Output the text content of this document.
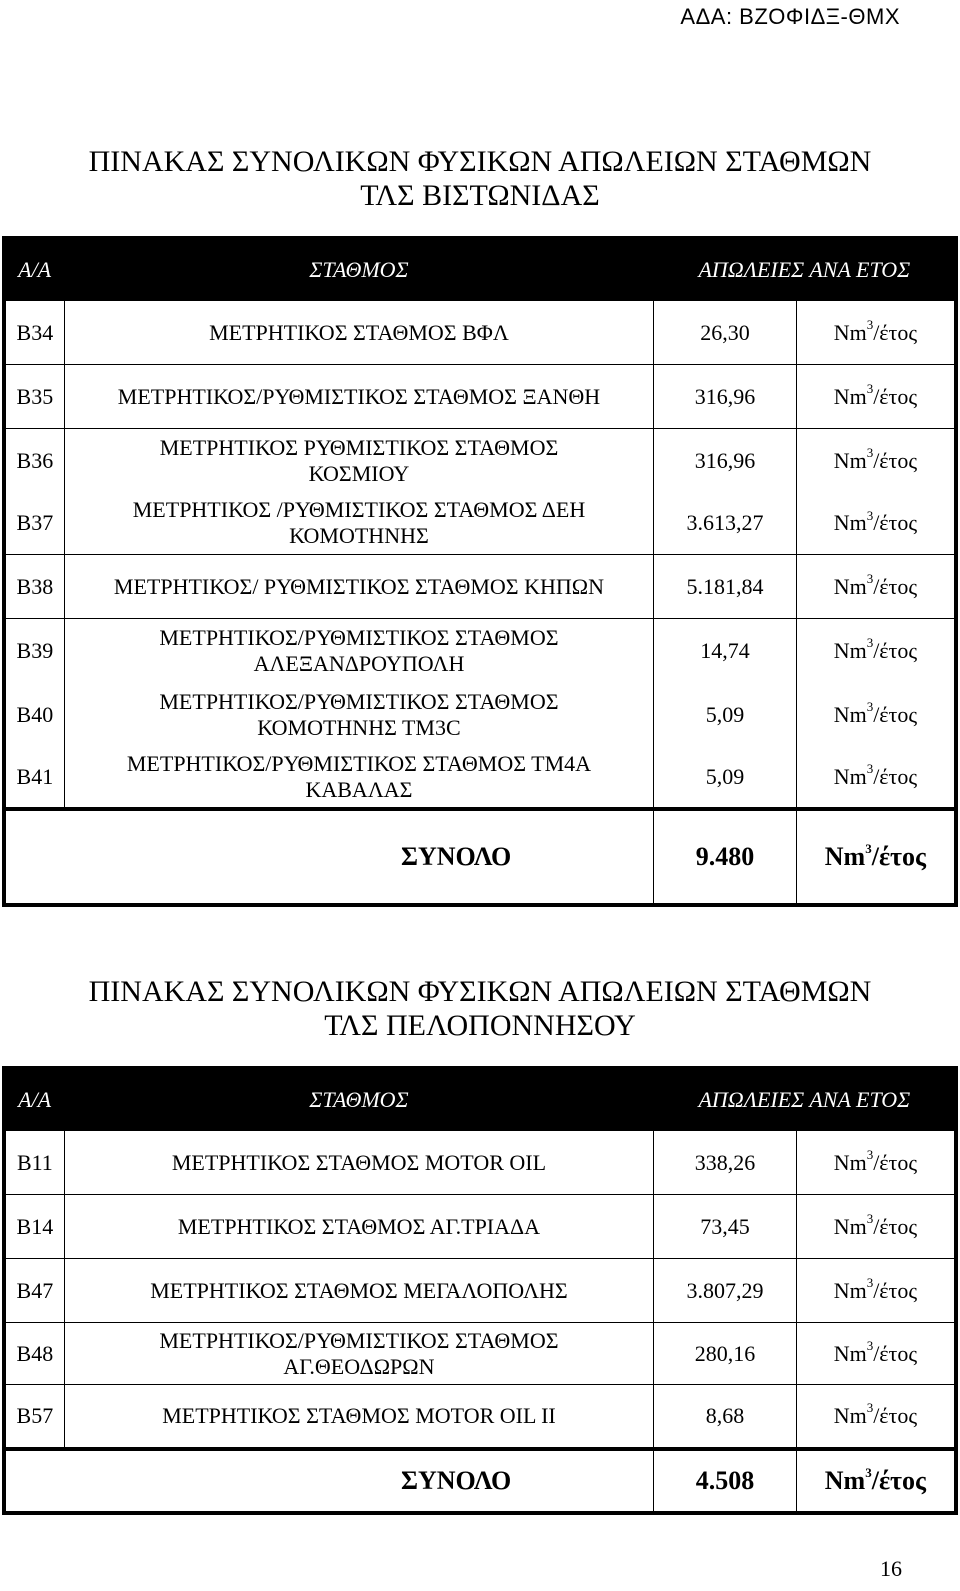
ΑΔΑ: ΒΖΟΦΙΔΞ-ΘΜΧ
ΠΙΝΑΚΑΣ ΣΥΝΟΛΙΚΩΝ ΦΥΣΙΚΩΝ ΑΠΩΛΕΙΩΝ ΣΤΑΘΜΩΝ
ΤΛΣ ΒΙΣΤΩΝΙΔΑΣ
Α/Α	ΣΤΑΘΜΟΣ	ΑΠΩΛΕΙΕΣ ΑΝΑ ΕΤΟΣ	
Β34	ΜΕΤΡΗΤΙΚΟΣ ΣΤΑΘΜΟΣ ΒΦΛ	26,30	Nm$^3$/έτος
Β35	ΜΕΤΡΗΤΙΚΟΣ/ΡΥΘΜΙΣΤΙΚΟΣ ΣΤΑΘΜΟΣ ΞΑΝΘΗ	316,96	Nm$^3$/έτος
Β36	ΜΕΤΡΗΤΙΚΟΣ ΡΥΘΜΙΣΤΙΚΟΣ ΣΤΑΘΜΟΣ
ΚΟΣΜΙΟΥ	316,96	Nm$^3$/έτος
Β37	ΜΕΤΡΗΤΙΚΟΣ /ΡΥΘΜΙΣΤΙΚΟΣ ΣΤΑΘΜΟΣ ΔΕΗ
ΚΟΜΟΤΗΝΗΣ	3.613,27	Nm$^3$/έτος
Β38	ΜΕΤΡΗΤΙΚΟΣ/ ΡΥΘΜΙΣΤΙΚΟΣ ΣΤΑΘΜΟΣ ΚΗΠΩΝ	5.181,84	Nm$^3$/έτος
Β39	ΜΕΤΡΗΤΙΚΟΣ/ΡΥΘΜΙΣΤΙΚΟΣ ΣΤΑΘΜΟΣ
ΑΛΕΞΑΝΔΡΟΥΠΟΛΗ	14,74	Nm$^3$/έτος
Β40	ΜΕΤΡΗΤΙΚΟΣ/ΡΥΘΜΙΣΤΙΚΟΣ ΣΤΑΘΜΟΣ
ΚΟΜΟΤΗΝΗΣ ΤΜ3C	5,09	Nm$^3$/έτος
Β41	ΜΕΤΡΗΤΙΚΟΣ/ΡΥΘΜΙΣΤΙΚΟΣ ΣΤΑΘΜΟΣ ΤΜ4Α
ΚΑΒΑΛΑΣ	5,09	Nm$^3$/έτος
ΣΥΝΟΛΟ		9.480	Nm$^3$/έτος
ΠΙΝΑΚΑΣ ΣΥΝΟΛΙΚΩΝ ΦΥΣΙΚΩΝ ΑΠΩΛΕΙΩΝ ΣΤΑΘΜΩΝ
ΤΛΣ ΠΕΛΟΠΟΝΝΗΣΟΥ
Α/Α	ΣΤΑΘΜΟΣ	ΑΠΩΛΕΙΕΣ ΑΝΑ ΕΤΟΣ	
Β11	ΜΕΤΡΗΤΙΚΟΣ ΣΤΑΘΜΟΣ MOTOR OIL	338,26	Nm$^3$/έτος
Β14	ΜΕΤΡΗΤΙΚΟΣ ΣΤΑΘΜΟΣ ΑΓ.ΤΡΙΑΔΑ	73,45	Nm$^3$/έτος
Β47	ΜΕΤΡΗΤΙΚΟΣ ΣΤΑΘΜΟΣ ΜΕΓΑΛΟΠΟΛΗΣ	3.807,29	Nm$^3$/έτος
Β48	ΜΕΤΡΗΤΙΚΟΣ/ΡΥΘΜΙΣΤΙΚΟΣ ΣΤΑΘΜΟΣ
ΑΓ.ΘΕΟΔΩΡΩΝ	280,16	Nm$^3$/έτος
Β57	ΜΕΤΡΗΤΙΚΟΣ ΣΤΑΘΜΟΣ MOTOR OIL II	8,68	Nm$^3$/έτος
ΣΥΝΟΛΟ		4.508	Nm$^3$/έτος
16
